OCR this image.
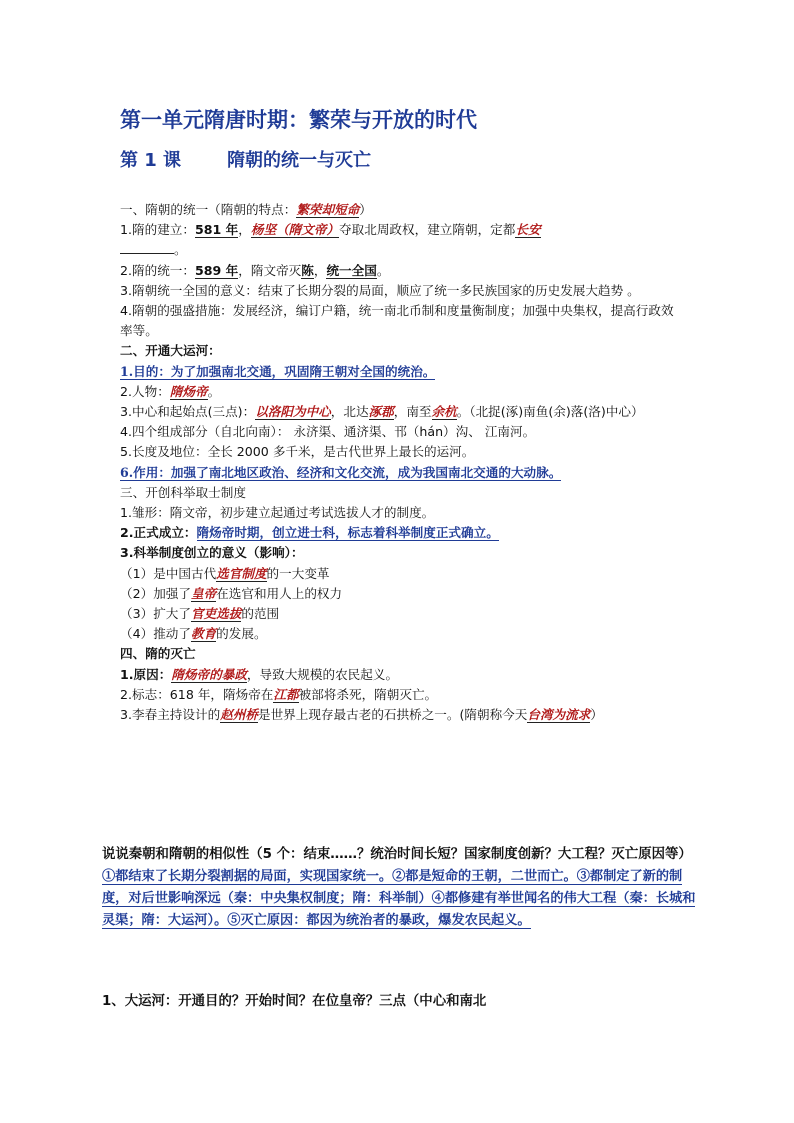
第一单元隋唐时期：繁荣与开放的时代
第 1 课	隋朝的统一与灭亡
一、隋朝的统一（隋朝的特点：繁荣却短命）
1.隋的建立：581 年，杨坚（隋文帝）夺取北周政权，建立隋朝，定都长安
。
2.隋的统一：589 年，隋文帝灭陈，统一全国。
3.隋朝统一全国的意义：结束了长期分裂的局面，顺应了统一多民族国家的历史发展大趋势 。
4.隋朝的强盛措施：发展经济，编订户籍，统一南北币制和度量衡制度；加强中央集权，提高行政效率等。
二、开通大运河：
1.目的：为了加强南北交通，巩固隋王朝对全国的统治。
2.人物：隋炀帝。
3.中心和起始点(三点)：以洛阳为中心，北达涿郡，南至余杭。（北捉(涿)南鱼(余)落(洛)中心）
4.四个组成部分（自北向南）： 永济渠、通济渠、邗（hán）沟、 江南河。
5.长度及地位：全长 2000 多千米，是古代世界上最长的运河。
6.作用：加强了南北地区政治、经济和文化交流，成为我国南北交通的大动脉。
三、开创科举取士制度
1.雏形：隋文帝，初步建立起通过考试选拔人才的制度。
2.正式成立：隋炀帝时期，创立进士科，标志着科举制度正式确立。
3.科举制度创立的意义（影响）：
（1）是中国古代选官制度的一大变革
（2）加强了皇帝在选官和用人上的权力
（3）扩大了官吏选拔的范围
（4）推动了教育的发展。
四、隋的灭亡
1.原因：隋炀帝的暴政，导致大规模的农民起义。
2.标志：618 年，隋炀帝在江都被部将杀死，隋朝灭亡。
3.李春主持设计的赵州桥是世界上现存最古老的石拱桥之一。(隋朝称今天台湾为流求）
说说秦朝和隋朝的相似性（5 个：结束……？统治时间长短？国家制度创新？大工程？灭亡原因等）
①都结束了长期分裂割据的局面，实现国家统一。②都是短命的王朝，二世而亡。③都制定了新的制度，对后世影响深远（秦：中央集权制度；隋：科举制）④都修建有举世闻名的伟大工程（秦：长城和灵渠；隋：大运河）。⑤灭亡原因：都因为统治者的暴政，爆发农民起义。
1、大运河：开通目的？开始时间？在位皇帝？三点（中心和南北
